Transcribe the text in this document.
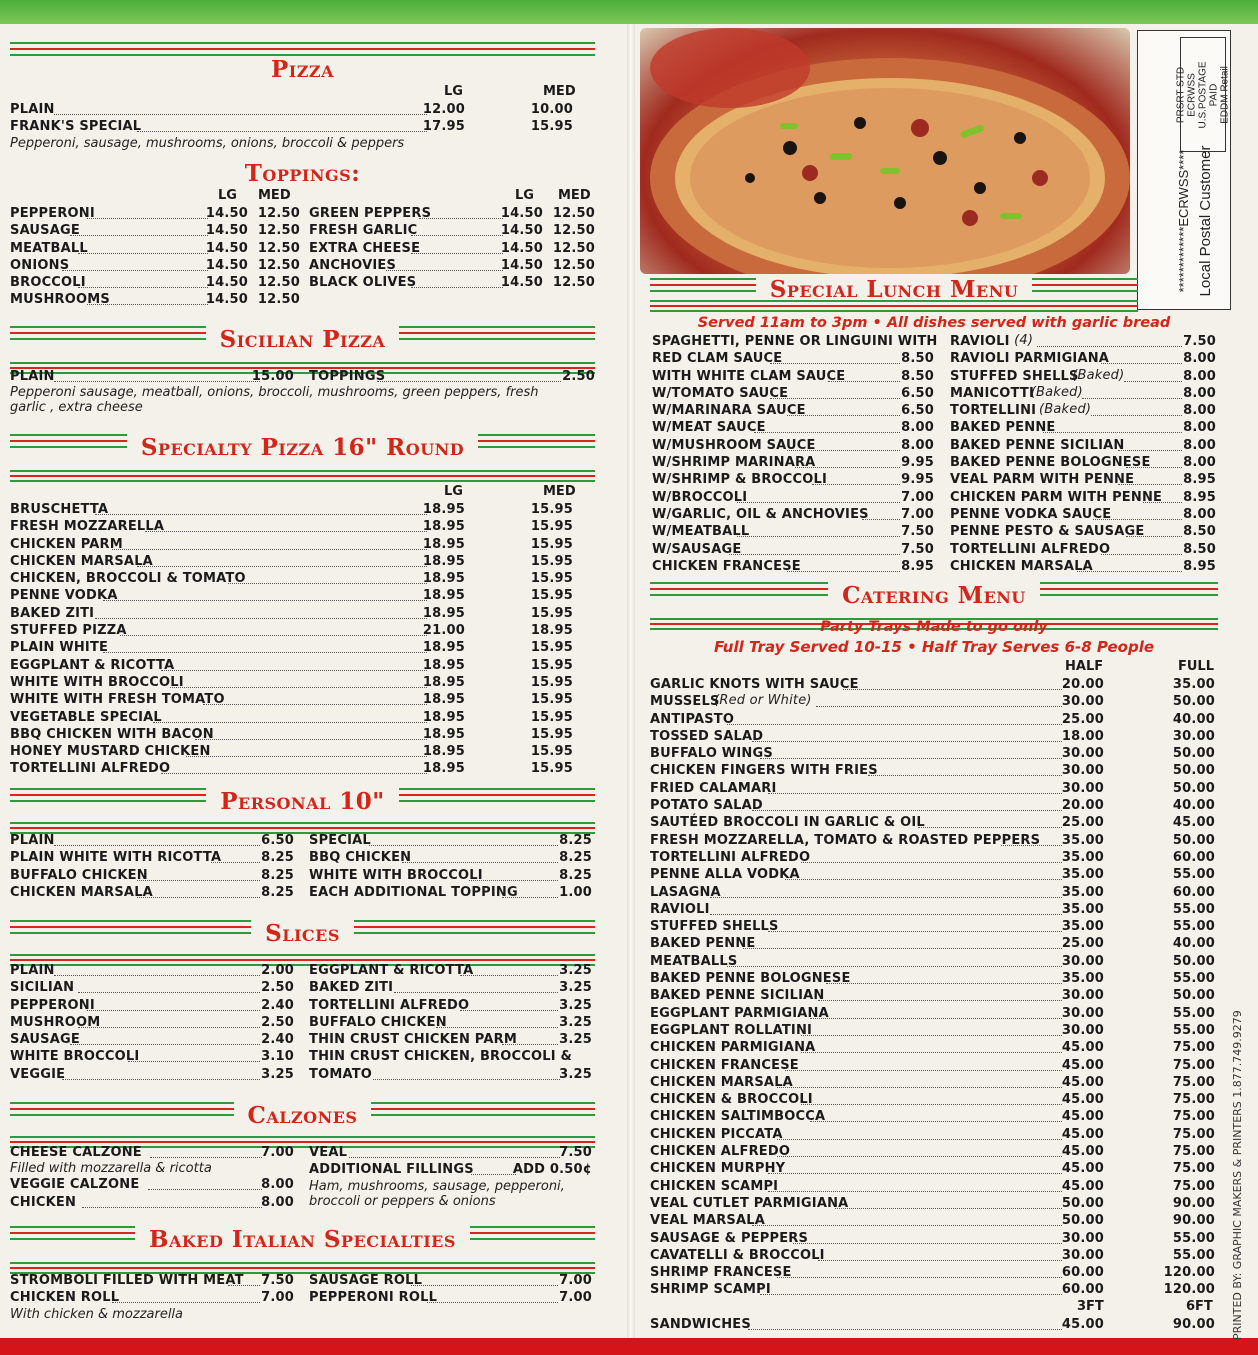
Pizza
LG	MED
PLAIN	12.00	10.00
FRANK'S SPECIAL	17.95	15.95
Pepperoni, sausage, mushrooms, onions, broccoli & peppers
Toppings:
LG MED	LG MED
PEPPERONI	14.50 12.50
SAUSAGE	14.50 12.50
MEATBALL	14.50 12.50
ONIONS	14.50 12.50
BROCCOLI	14.50 12.50
MUSHROOMS	14.50 12.50
GREEN PEPPERS	14.50 12.50
FRESH GARLIC	14.50 12.50
EXTRA CHEESE	14.50 12.50
ANCHOVIES	14.50 12.50
BLACK OLIVES	14.50 12.50
Sicilian Pizza
PLAIN	15.00 TOPPINGS	2.50
Pepperoni sausage, meatball, onions, broccoli, mushrooms, green peppers, fresh garlic , extra cheese
Specialty Pizza 16" Round
LG	MED
BRUSCHETTA	18.95	15.95
FRESH MOZZARELLA	18.95	15.95
CHICKEN PARM	18.95	15.95
CHICKEN MARSALA	18.95	15.95
CHICKEN, BROCCOLI & TOMATO	18.95	15.95
PENNE VODKA	18.95	15.95
BAKED ZITI	18.95	15.95
STUFFED PIZZA	21.00	18.95
PLAIN WHITE	18.95	15.95
EGGPLANT & RICOTTA	18.95	15.95
WHITE WITH BROCCOLI	18.95	15.95
WHITE WITH FRESH TOMATO	18.95	15.95
VEGETABLE SPECIAL	18.95	15.95
BBQ CHICKEN WITH BACON	18.95	15.95
HONEY MUSTARD CHICKEN	18.95	15.95
TORTELLINI ALFREDO	18.95	15.95
Personal 10"
PLAIN	6.50
PLAIN WHITE WITH RICOTTA	8.25
BUFFALO CHICKEN	8.25
CHICKEN MARSALA	8.25
SPECIAL	8.25
BBQ CHICKEN	8.25
WHITE WITH BROCCOLI	8.25
EACH ADDITIONAL TOPPING	1.00
Slices
PLAIN	2.00
SICILIAN	2.50
PEPPERONI	2.40
MUSHROOM	2.50
SAUSAGE	2.40
WHITE BROCCOLI	3.10
VEGGIE	3.25
EGGPLANT & RICOTTA	3.25
BAKED ZITI	3.25
TORTELLINI ALFREDO	3.25
BUFFALO CHICKEN	3.25
THIN CRUST CHICKEN PARM	3.25
THIN CRUST CHICKEN, BROCCOLI &
TOMATO	3.25
Calzones
CHEESE CALZONE	7.00
Filled with mozzarella & ricotta
VEGGIE CALZONE	8.00
CHICKEN	8.00
VEAL	7.50
ADDITIONAL FILLINGS	ADD 0.50¢
Ham, mushrooms, sausage, pepperoni, broccoli or peppers & onions
Baked Italian Specialties
STROMBOLI FILLED WITH MEAT 7.50
CHICKEN ROLL	7.00
With chicken & mozzarella
SAUSAGE ROLL	7.00
PEPPERONI ROLL	7.00
PRSRT STD ECRWSS U.S.POSTAGE PAID EDDM Retail
*************ECRWSS**** Local Postal Customer
Special Lunch Menu
Served 11am to 3pm • All dishes served with garlic bread
SPAGHETTI, PENNE OR LINGUINI WITH
RED CLAM SAUCE	8.50
WITH WHITE CLAM SAUCE	8.50
W/TOMATO SAUCE	6.50
W/MARINARA SAUCE	6.50
W/MEAT SAUCE	8.00
W/MUSHROOM SAUCE	8.00
W/SHRIMP MARINARA	9.95
W/SHRIMP & BROCCOLI	9.95
W/BROCCOLI	7.00
W/GARLIC, OIL & ANCHOVIES 7.00
W/MEATBALL	7.50
W/SAUSAGE	7.50
CHICKEN FRANCESE	8.95
RAVIOLI (4)	7.50
RAVIOLI PARMIGIANA	8.00
STUFFED SHELLS
(Baked)	8.00
MANICOTTI
(Baked)	8.00
TORTELLINI (Baked)	8.00
BAKED PENNE	8.00
BAKED PENNE SICILIAN	8.00
BAKED PENNE BOLOGNESE	8.00
VEAL PARM WITH PENNE	8.95
CHICKEN PARM WITH PENNE 8.95
PENNE VODKA SAUCE	8.00
PENNE PESTO & SAUSAGE	8.50
TORTELLINI ALFREDO	8.50
CHICKEN MARSALA	8.95
Catering Menu
Party Trays Made to go only
Full Tray Served 10-15 • Half Tray Serves 6-8 People
HALF	FULL
GARLIC KNOTS WITH SAUCE	20.00	35.00
MUSSELS
(Red or White)	30.00	50.00
ANTIPASTO	25.00	40.00
TOSSED SALAD	18.00	30.00
BUFFALO WINGS	30.00	50.00
CHICKEN FINGERS WITH FRIES	30.00	50.00
FRIED CALAMARI	30.00	50.00
POTATO SALAD	20.00	40.00
SAUTÉED BROCCOLI IN GARLIC & OIL	25.00	45.00
FRESH MOZZARELLA, TOMATO & ROASTED PEPPERS 35.00	50.00
TORTELLINI ALFREDO	35.00	60.00
PENNE ALLA VODKA	35.00	55.00
LASAGNA	35.00	60.00
RAVIOLI	35.00	55.00
STUFFED SHELLS	35.00	55.00
BAKED PENNE	25.00	40.00
MEATBALLS	30.00	50.00
BAKED PENNE BOLOGNESE	35.00	55.00
BAKED PENNE SICILIAN	30.00	50.00
EGGPLANT PARMIGIANA	30.00	55.00
EGGPLANT ROLLATINI	30.00	55.00
CHICKEN PARMIGIANA	45.00	75.00
CHICKEN FRANCESE	45.00	75.00
CHICKEN MARSALA	45.00	75.00
CHICKEN & BROCCOLI	45.00	75.00
CHICKEN SALTIMBOCCA	45.00	75.00
CHICKEN PICCATA	45.00	75.00
CHICKEN ALFREDO	45.00	75.00
CHICKEN MURPHY	45.00	75.00
CHICKEN SCAMPI	45.00	75.00
VEAL CUTLET PARMIGIANA	50.00	90.00
VEAL MARSALA	50.00	90.00
SAUSAGE & PEPPERS	30.00	55.00
CAVATELLI & BROCCOLI	30.00	55.00
SHRIMP FRANCESE	60.00	120.00
SHRIMP SCAMPI	60.00	120.00
3FT	6FT
SANDWICHES	45.00	90.00 PRINTED BY: GRAPHIC MAKERS & PRINTERS 1.877.749.9279
